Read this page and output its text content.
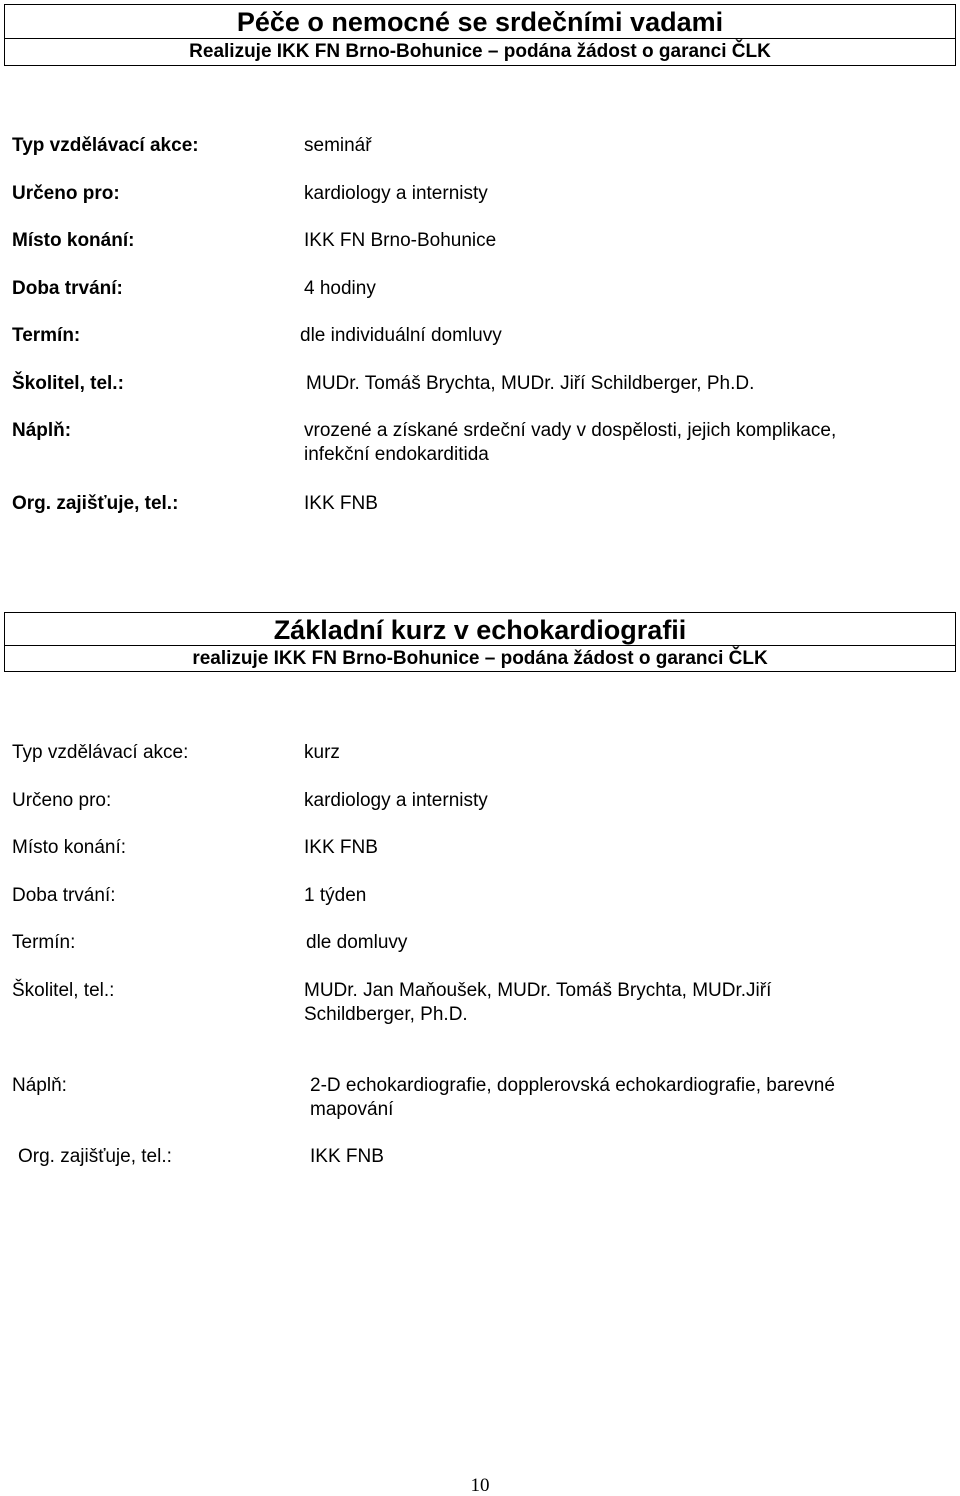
Péče o nemocné se srdečními vadami
Realizuje IKK FN Brno-Bohunice – podána žádost o garanci ČLK
Typ vzdělávací akce:	seminář
Určeno pro:	kardiology a internisty
Místo konání:	IKK FN Brno-Bohunice
Doba trvání:	4 hodiny
Termín:	dle individuální domluvy
Školitel, tel.:	MUDr. Tomáš Brychta, MUDr. Jiří Schildberger, Ph.D.
Náplň:	vrozené a získané srdeční vady v dospělosti, jejich komplikace, infekční endokarditida
Org. zajišťuje, tel.:	IKK FNB
Základní kurz v echokardiografii
realizuje IKK FN Brno-Bohunice – podána žádost o garanci ČLK
Typ vzdělávací akce:	kurz
Určeno pro:	kardiology a internisty
Místo konání:	IKK FNB
Doba trvání:	1 týden
Termín:	dle domluvy
Školitel, tel.:	MUDr. Jan Maňoušek, MUDr. Tomáš Brychta, MUDr.Jiří Schildberger, Ph.D.
Náplň:	2-D echokardiografie, dopplerovská echokardiografie, barevné mapování
Org. zajišťuje, tel.:	IKK FNB
10
